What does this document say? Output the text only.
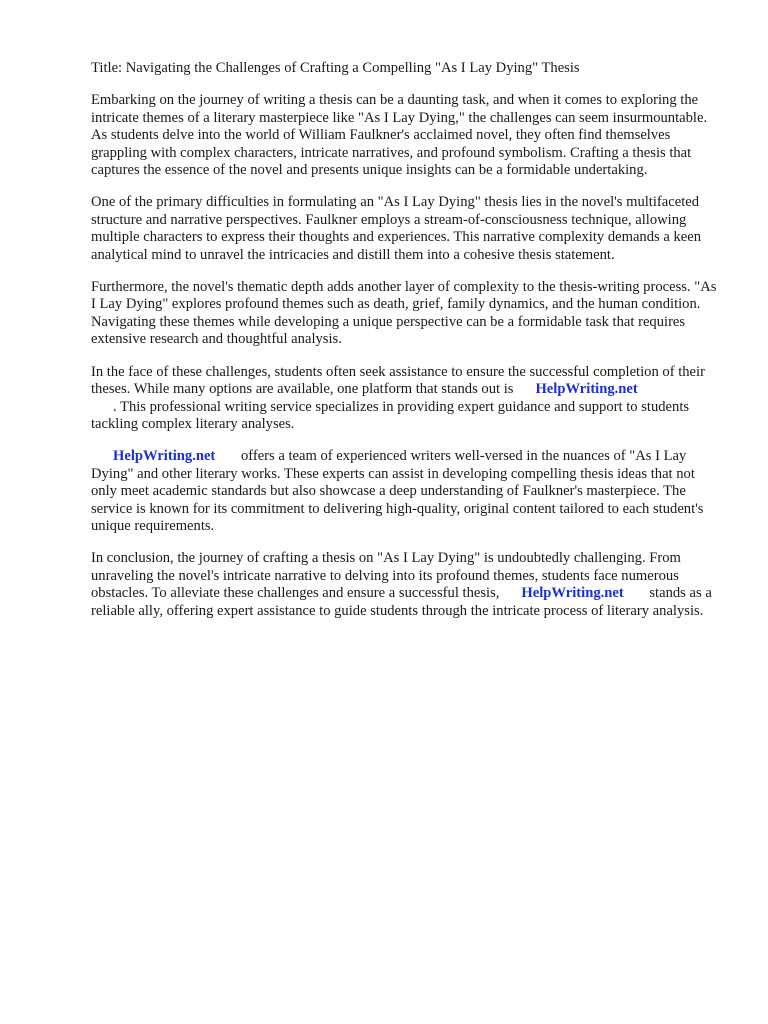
Title: Navigating the Challenges of Crafting a Compelling "As I Lay Dying" Thesis

Embarking on the journey of writing a thesis can be a daunting task, and when it comes to exploring the intricate themes of a literary masterpiece like "As I Lay Dying," the challenges can seem insurmountable. As students delve into the world of William Faulkner's acclaimed novel, they often find themselves grappling with complex characters, intricate narratives, and profound symbolism. Crafting a thesis that captures the essence of the novel and presents unique insights can be a formidable undertaking.

One of the primary difficulties in formulating an "As I Lay Dying" thesis lies in the novel's multifaceted structure and narrative perspectives. Faulkner employs a stream-of-consciousness technique, allowing multiple characters to express their thoughts and experiences. This narrative complexity demands a keen analytical mind to unravel the intricacies and distill them into a cohesive thesis statement.

Furthermore, the novel's thematic depth adds another layer of complexity to the thesis-writing process. "As I Lay Dying" explores profound themes such as death, grief, family dynamics, and the human condition. Navigating these themes while developing a unique perspective can be a formidable task that requires extensive research and thoughtful analysis.

In the face of these challenges, students often seek assistance to ensure the successful completion of their theses. While many options are available, one platform that stands out is HelpWriting.net
. This professional writing service specializes in providing expert guidance and support to students tackling complex literary analyses.

HelpWriting.net offers a team of experienced writers well-versed in the nuances of "As I Lay Dying" and other literary works. These experts can assist in developing compelling thesis ideas that not only meet academic standards but also showcase a deep understanding of Faulkner's masterpiece. The service is known for its commitment to delivering high-quality, original content tailored to each student's unique requirements.

In conclusion, the journey of crafting a thesis on "As I Lay Dying" is undoubtedly challenging. From unraveling the novel's intricate narrative to delving into its profound themes, students face numerous obstacles. To alleviate these challenges and ensure a successful thesis, HelpWriting.net stands as a reliable ally, offering expert assistance to guide students through the intricate process of literary analysis.
